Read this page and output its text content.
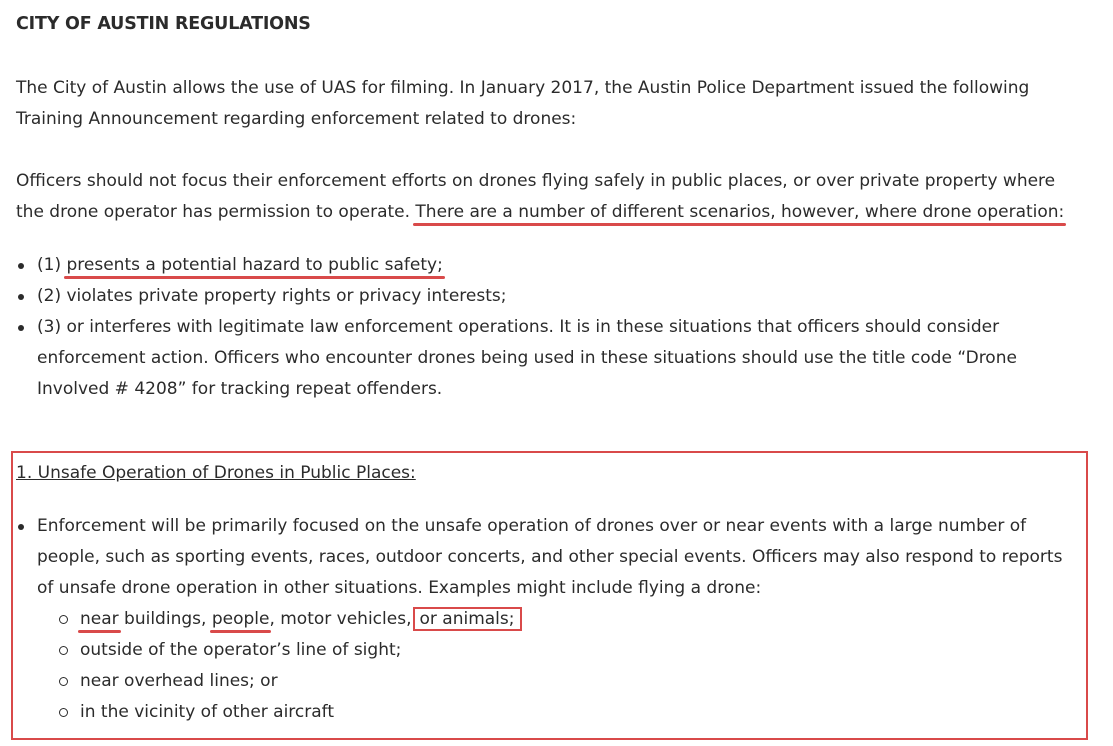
CITY OF AUSTIN REGULATIONS
The City of Austin allows the use of UAS for filming. In January 2017, the Austin Police Department issued the following
Training Announcement regarding enforcement related to drones:
Officers should not focus their enforcement efforts on drones flying safely in public places, or over private property where
the drone operator has permission to operate. There are a number of different scenarios, however, where drone operation:
(1) presents a potential hazard to public safety;
(2) violates private property rights or privacy interests;
(3) or interferes with legitimate law enforcement operations. It is in these situations that officers should consider
enforcement action. Officers who encounter drones being used in these situations should use the title code “Drone
Involved # 4208” for tracking repeat offenders.
1. Unsafe Operation of Drones in Public Places:
Enforcement will be primarily focused on the unsafe operation of drones over or near events with a large number of
people, such as sporting events, races, outdoor concerts, and other special events. Officers may also respond to reports
of unsafe drone operation in other situations. Examples might include flying a drone:
near buildings, people, motor vehicles, or animals;
outside of the operator’s line of sight;
near overhead lines; or
in the vicinity of other aircraft
